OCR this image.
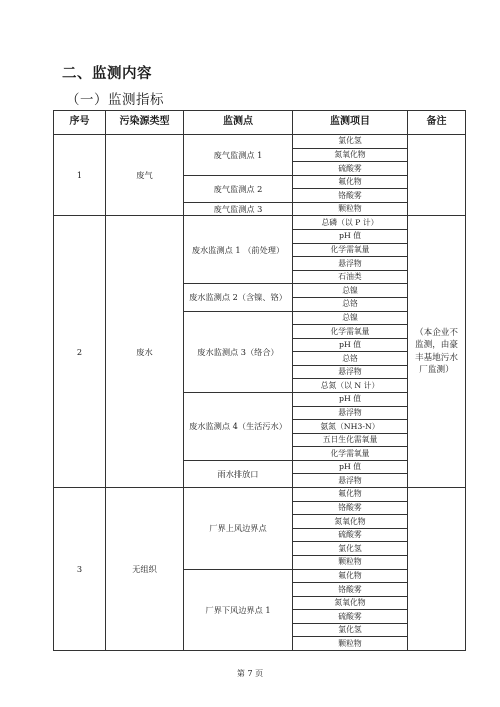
二、监测内容
（一）监测指标
序号	污染源类型	监测点	监测项目	备注
1	废气	废气监测点 1	氯化氢	
			氮氧化物	
			硫酸雾	
		废气监测点 2	氟化物	
			铬酸雾	
		废气监测点 3	颗粒物	
2	废水	废水监测点 1 （前处理）	总磷（以 P 计）	（本企业不监测，由豪丰基地污水厂监测）
			pH 值	
			化学需氧量	
			悬浮物	
			石油类	
		废水监测点 2（含镍、铬）	总镍	
			总铬	
		废水监测点 3（络合）	总镍	
			化学需氧量	
			pH 值	
			总铬	
			悬浮物	
			总氮（以 N 计）	
		废水监测点 4（生活污水）	pH 值	
			悬浮物	
			氨氮（NH3-N）	
			五日生化需氧量	
			化学需氧量	
		雨水排放口	pH 值	
			悬浮物	
3	无组织	厂界上风边界点	氟化物	
			铬酸雾	
			氮氧化物	
			硫酸雾	
			氯化氢	
			颗粒物	
		厂界下风边界点 1	氟化物	
			铬酸雾	
			氮氧化物	
			硫酸雾	
			氯化氢	
			颗粒物	
第 7 页
